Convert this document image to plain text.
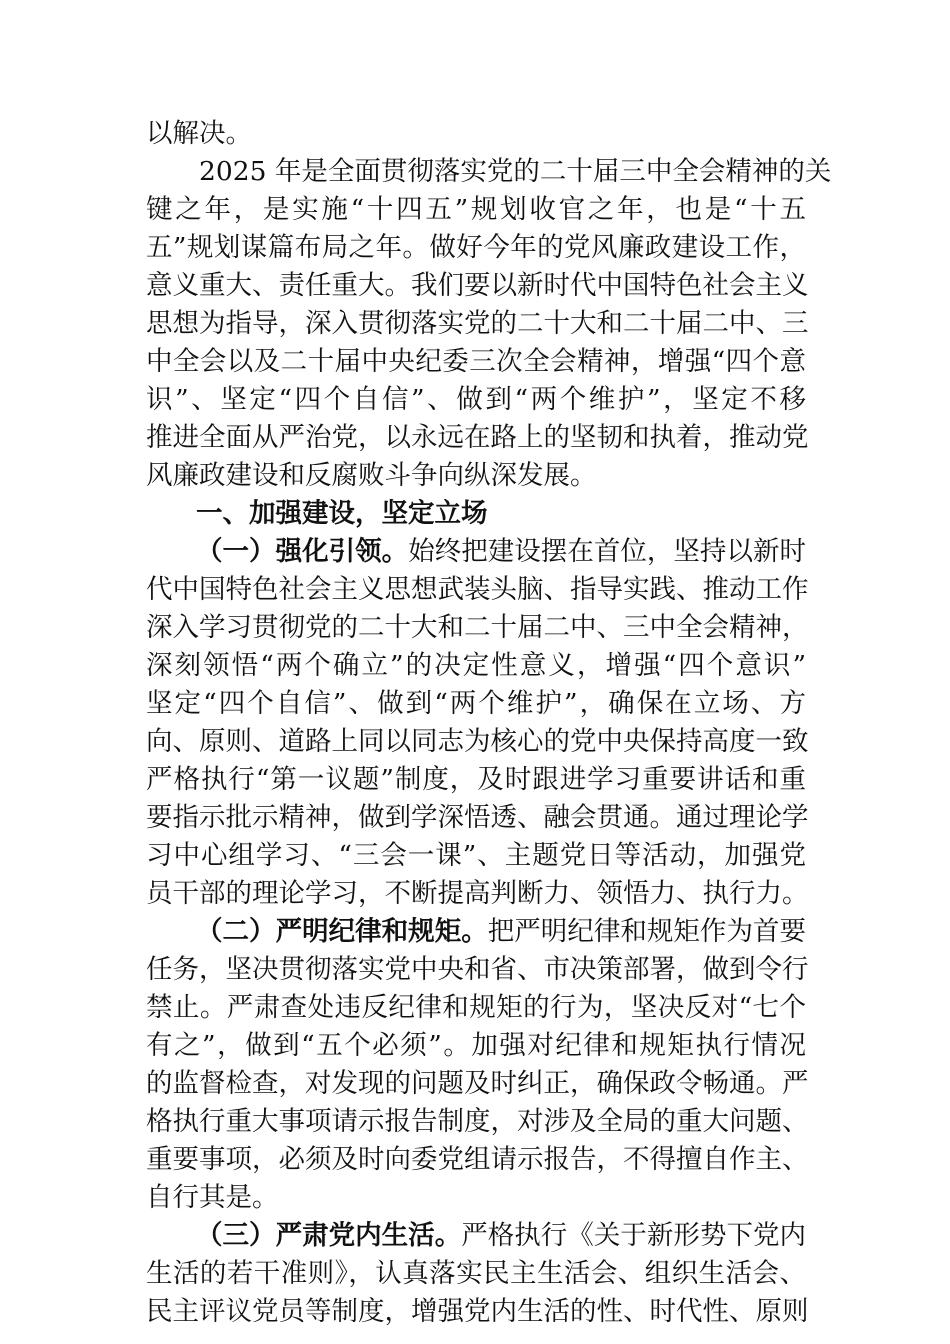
以解决。
　　2025 年是全面贯彻落实党的二十届三中全会精神的关
键之年，是实施“十四五”规划收官之年，也是“十五
五”规划谋篇布局之年。做好今年的党风廉政建设工作，
意义重大、责任重大。我们要以新时代中国特色社会主义
思想为指导，深入贯彻落实党的二十大和二十届二中、三
中全会以及二十届中央纪委三次全会精神，增强“四个意
识”、坚定“四个自信”、做到“两个维护”，坚定不移
推进全面从严治党，以永远在路上的坚韧和执着，推动党
风廉政建设和反腐败斗争向纵深发展。
一、加强建设，坚定立场
（一）强化引领。始终把建设摆在首位，坚持以新时
代中国特色社会主义思想武装头脑、指导实践、推动工作
深入学习贯彻党的二十大和二十届二中、三中全会精神，
深刻领悟“两个确立”的决定性意义，增强“四个意识”
坚定“四个自信”、做到“两个维护”，确保在立场、方
向、原则、道路上同以同志为核心的党中央保持高度一致
严格执行“第一议题”制度，及时跟进学习重要讲话和重
要指示批示精神，做到学深悟透、融会贯通。通过理论学
习中心组学习、“三会一课”、主题党日等活动，加强党
员干部的理论学习，不断提高判断力、领悟力、执行力。
（二）严明纪律和规矩。把严明纪律和规矩作为首要
任务，坚决贯彻落实党中央和省、市决策部署，做到令行
禁止。严肃查处违反纪律和规矩的行为，坚决反对“七个
有之”，做到“五个必须”。加强对纪律和规矩执行情况
的监督检查，对发现的问题及时纠正，确保政令畅通。严
格执行重大事项请示报告制度，对涉及全局的重大问题、
重要事项，必须及时向委党组请示报告，不得擅自作主、
自行其是。
（三）严肃党内生活。严格执行《关于新形势下党内
生活的若干准则》，认真落实民主生活会、组织生活会、
民主评议党员等制度，增强党内生活的性、时代性、原则
